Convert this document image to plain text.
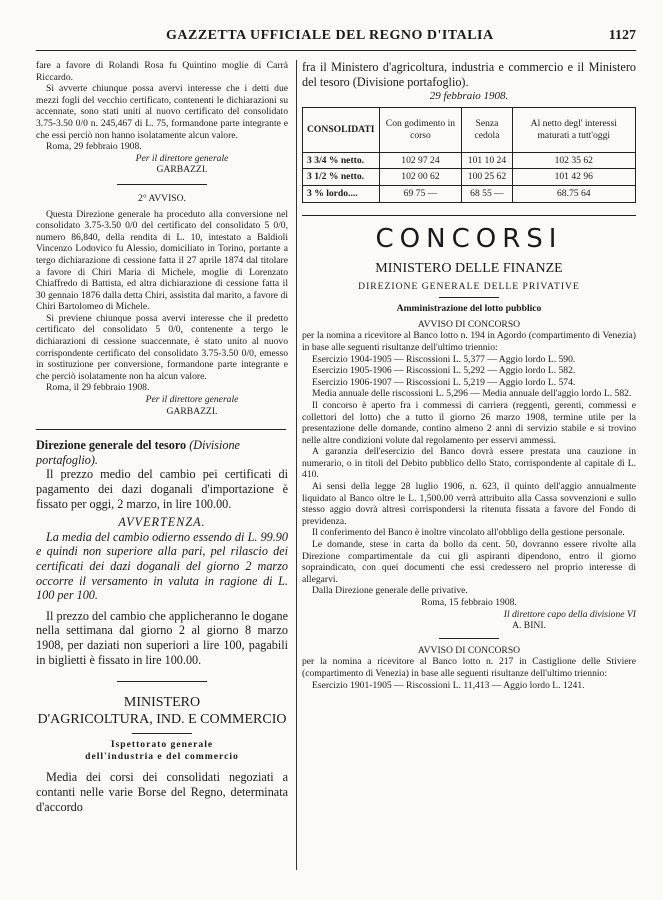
GAZZETTA UFFICIALE DEL REGNO D'ITALIA	1127

fare a favore di Rolandi Rosa fu Quintino moglie di Carrà Riccardo.

Si avverte chiunque possa avervi interesse che i detti due mezzi fogli del vecchio certificato, contenenti le dichiarazioni su accennate, sono stati uniti al nuovo certificato del consolidato 3.75-3.50 0/0 n. 245,467 di L. 75, formandone parte integrante e che essi perciò non hanno isolatamente alcun valore.

Roma, 29 febbraio 1908.

Per il direttore generale

GARBAZZI.

2° AVVISO.

Questa Direzione generale ha proceduto alla conversione nel consolidato 3.75-3.50 0/0 del certificato del consolidato 5 0/0, numero 86,840, della rendita di L. 10, intestato a Baldioli Vincenzo Lodovico fu Alessio, domiciliato in Torino, portante a tergo dichiarazione di cessione fatta il 27 aprile 1874 dal titolare a favore di Chiri Maria di Michele, moglie di Lorenzato Chiaffredo di Battista, ed altra dichiarazione di cessione fatta il 30 gennaio 1876 dalla detta Chiri, assistita dal marito, a favore di Chiri Bartolomeo di Michele.

Si previene chiunque possa avervi interesse che il predetto certificato del consolidato 5 0/0, contenente a tergo le dichiarazioni di cessione suaccennate, è stato unito al nuovo corrispondente certificato del consolidato 3.75-3.50 0/0, emesso in sostituzione per conversione, formandone parte integrante e che perciò isolatamente non ha alcun valore.

Roma, il 29 febbraio 1908.

Per il direttore generale

GARBAZZI.

Direzione generale del tesoro (Divisione portafoglio).

Il prezzo medio del cambio pei certificati di pagamento dei dazi doganali d'importazione è fissato per oggi, 2 marzo, in lire 100.00.

AVVERTENZA.

La media del cambio odierno essendo di L. 99.90 e quindi non superiore alla pari, pel rilascio dei certificati dei dazi doganali del giorno 2 marzo occorre il versamento in valuta in ragione di L. 100 per 100.

Il prezzo del cambio che applicheranno le dogane nella settimana dal giorno 2 al giorno 8 marzo 1908, per daziati non superiori a lire 100, pagabili in biglietti è fissato in lire 100.00.

MINISTERO

D'AGRICOLTURA, IND. E COMMERCIO

Ispettorato generale

dell'industria e del commercio

Media dei corsi dei consolidati negoziati a contanti nelle varie Borse del Regno, determinata d'accordo

fra il Ministero d'agricoltura, industria e commercio e il Ministero del tesoro (Divisione portafoglio).

29 febbraio 1908.

CONSOLIDATI	Con godimento in corso	Senza cedola	Al netto degl' interessi maturati a tutt'oggi
3 3/4 % netto.	102 97 24	101 10 24	102 35 62
3 1/2 % netto.	102 00 62	100 25 62	101 42 96
3 % lordo....	69 75 —	68 55 —	68.75 64

CONCORSI

MINISTERO DELLE FINANZE

DIREZIONE GENERALE DELLE PRIVATIVE

Amministrazione del lotto pubblico

AVVISO DI CONCORSO

per la nomina a ricevitore al Banco lotto n. 194 in Agordo (compartimento di Venezia) in base alle seguenti risultanze dell'ultimo triennio:

Esercizio 1904-1905 — Riscossioni L. 5,377 — Aggio lordo L. 590.

Esercizio 1905-1906 — Riscossioni L. 5,292 — Aggio lordo L. 582.

Esercizio 1906-1907 — Riscossioni L. 5,219 — Aggio lordo L. 574.

Media annuale delle riscossioni L. 5,296 — Media annuale dell'aggio lordo L. 582.

Il concorso è aperto fra i commessi di carriera (reggenti, gerenti, commessi e collettori del lotto) che a tutto il giorno 26 marzo 1908, termine utile per la presentazione delle domande, contino almeno 2 anni di servizio stabile e si trovino nelle altre condizioni volute dal regolamento per esservi ammessi.

A garanzia dell'esercizio del Banco dovrà essere prestata una cauzione in numerario, o in titoli del Debito pubblico dello Stato, corrispondente al capitale di L. 410.

Ai sensi della legge 28 luglio 1906, n. 623, il quinto dell'aggio annualmente liquidato al Banco oltre le L. 1,500.00 verrà attribuito alla Cassa sovvenzioni e sullo stesso aggio dovrà altresì corrispondersi la ritenuta fissata a favore del Fondo di previdenza.

Il conferimento del Banco è inoltre vincolato all'obbligo della gestione personale.

Le domande, stese in carta da bollo da cent. 50, dovranno essere rivolte alla Direzione compartimentale da cui gli aspiranti dipendono, entro il giorno sopraindicato, con quei documenti che essi credessero nel proprio interesse di allegarvi.

Dalla Direzione generale delle privative.

Roma, 15 febbraio 1908.

Il direttore capo della divisione VI

A. BINI.

AVVISO DI CONCORSO

per la nomina a ricevitore al Banco lotto n. 217 in Castiglione delle Stiviere (compartimento di Venezia) in base alle seguenti risultanze dell'ultimo triennio:

Esercizio 1901-1905 — Riscossioni L. 11,413 — Aggio lordo L. 1241.
